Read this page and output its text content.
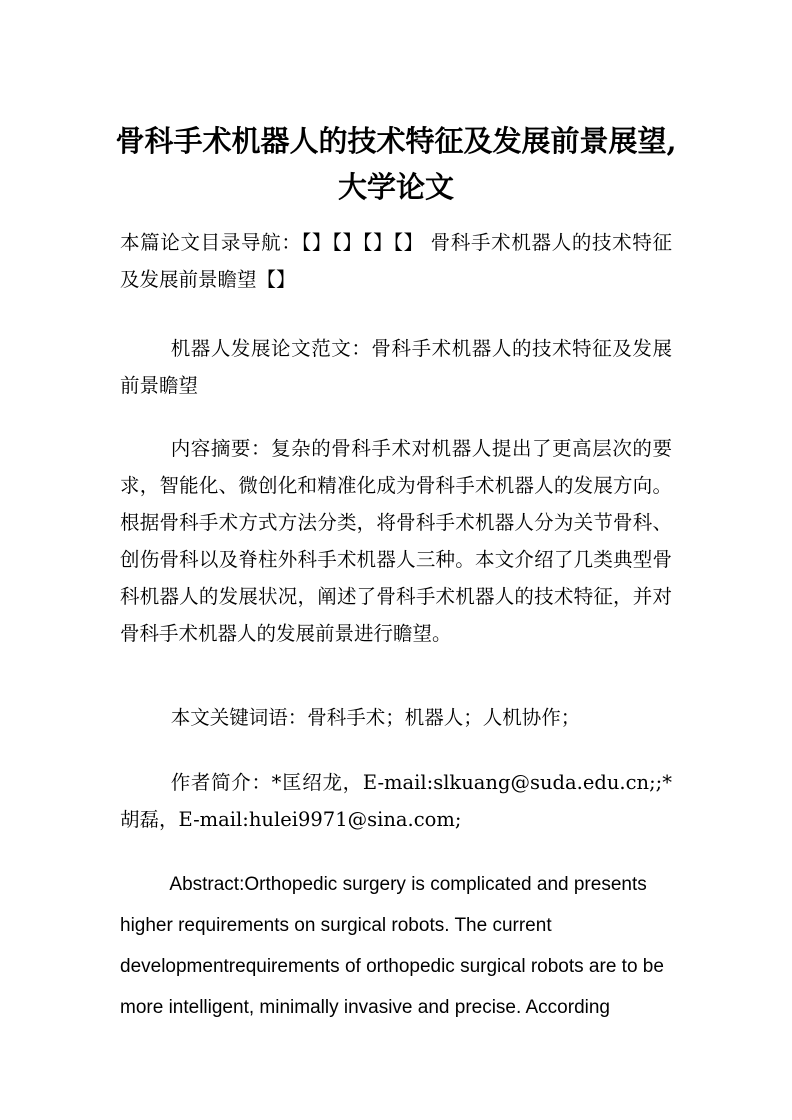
骨科手术机器人的技术特征及发展前景展望,大学论文

本篇论文目录导航：【】【】【】【】 骨科手术机器人的技术特征及发展前景瞻望【】

机器人发展论文范文：骨科手术机器人的技术特征及发展前景瞻望

内容摘要：复杂的骨科手术对机器人提出了更高层次的要求，智能化、微创化和精准化成为骨科手术机器人的发展方向。根据骨科手术方式方法分类，将骨科手术机器人分为关节骨科、创伤骨科以及脊柱外科手术机器人三种。本文介绍了几类典型骨科机器人的发展状况，阐述了骨科手术机器人的技术特征，并对骨科手术机器人的发展前景进行瞻望。

本文关键词语：骨科手术；机器人；人机协作；

作者简介：*匡绍龙，E-mail:slkuang@suda.edu.cn;;*胡磊，E-mail:hulei9971@sina.com;

Abstract:Orthopedic surgery is complicated and presents higher requirements on surgical robots. The current developmentrequirements of orthopedic surgical robots are to be more intelligent, minimally invasive and precise. According
